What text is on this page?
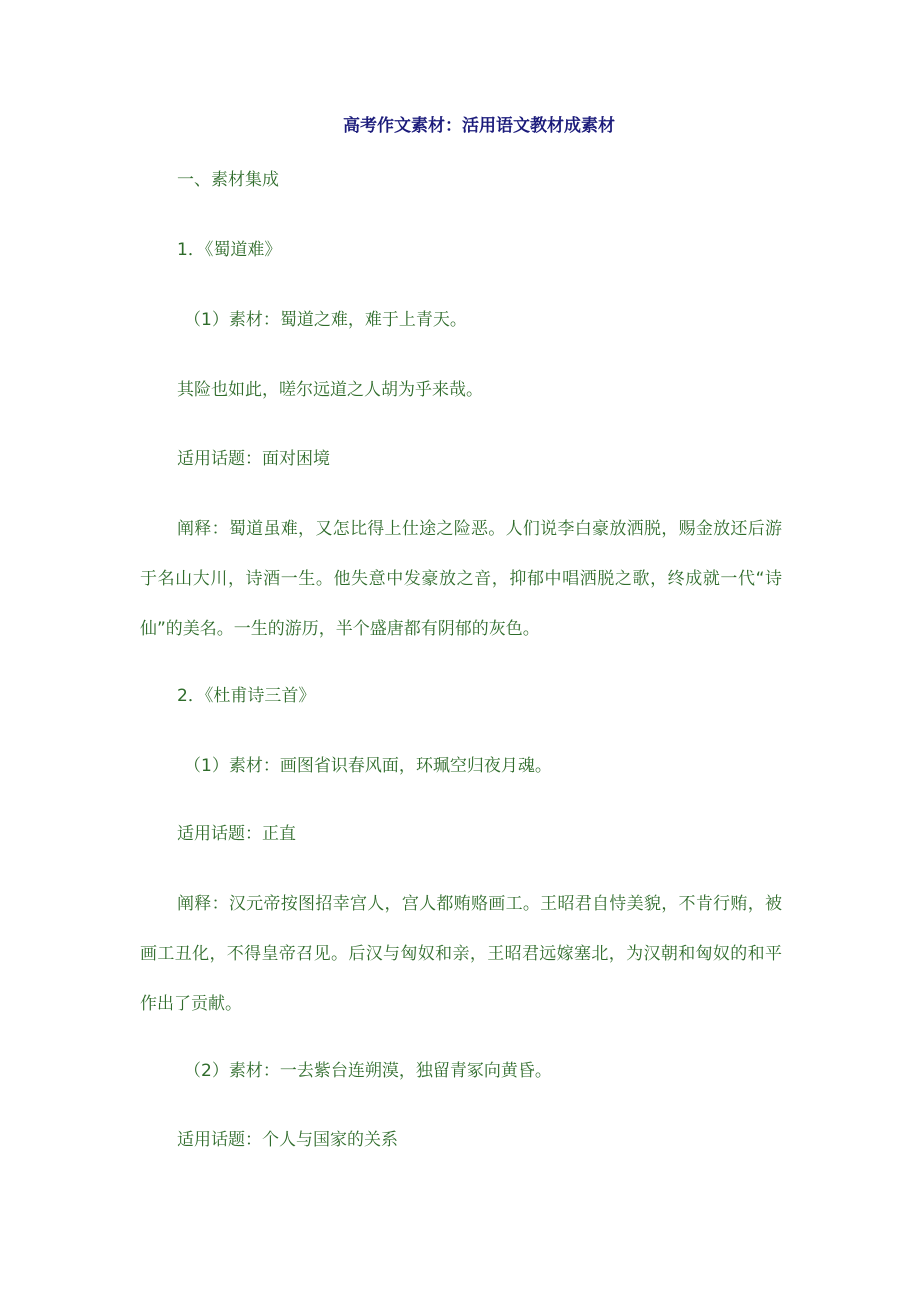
高考作文素材：活用语文教材成素材

一、素材集成

1．《蜀道难》

（1）素材：蜀道之难，难于上青天。

其险也如此，嗟尔远道之人胡为乎来哉。

适用话题：面对困境

阐释：蜀道虽难，又怎比得上仕途之险恶。人们说李白豪放洒脱，赐金放还后游于名山大川，诗酒一生。他失意中发豪放之音，抑郁中唱洒脱之歌，终成就一代“诗仙”的美名。一生的游历，半个盛唐都有阴郁的灰色。

2．《杜甫诗三首》

（1）素材：画图省识春风面，环珮空归夜月魂。

适用话题：正直

阐释：汉元帝按图招幸宫人，宫人都贿赂画工。王昭君自恃美貌，不肯行贿，被画工丑化，不得皇帝召见。后汉与匈奴和亲，王昭君远嫁塞北，为汉朝和匈奴的和平作出了贡献。

（2）素材：一去紫台连朔漠，独留青冢向黄昏。

适用话题：个人与国家的关系
